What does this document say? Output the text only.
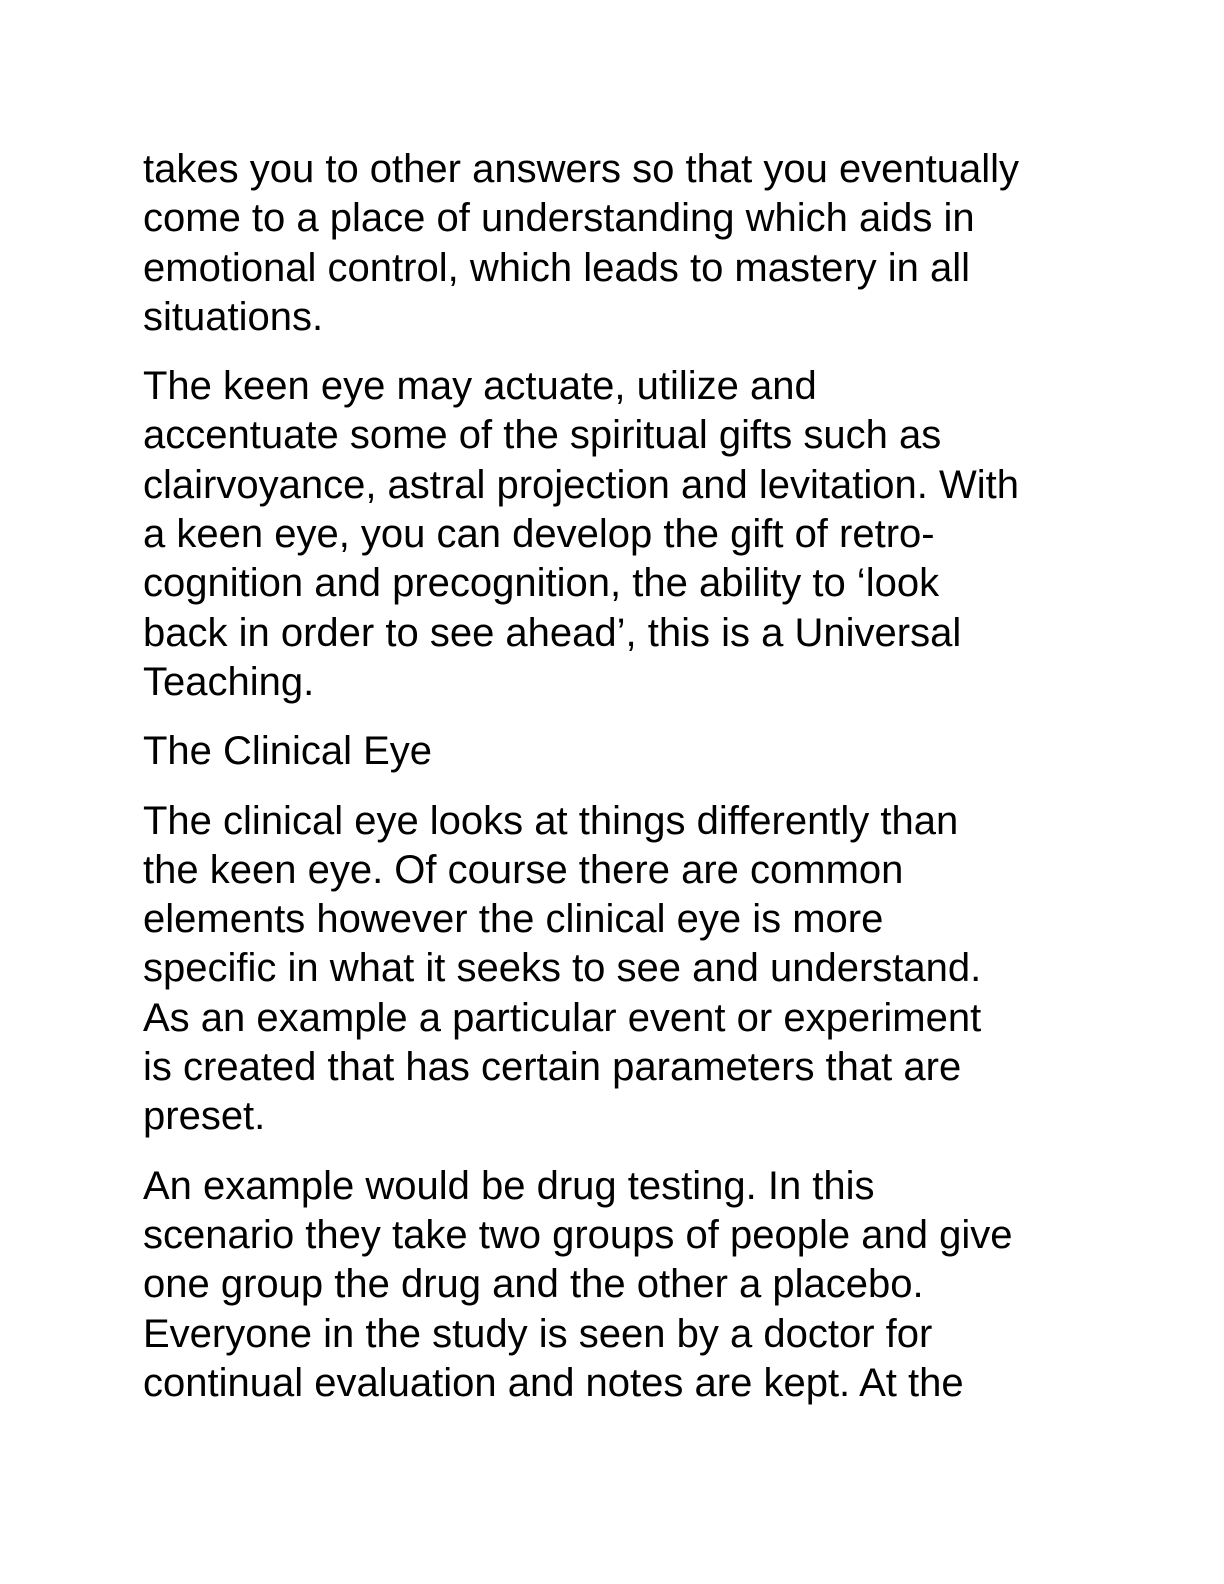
takes you to other answers so that you eventually
come to a place of understanding which aids in
emotional control, which leads to mastery in all
situations.

The keen eye may actuate, utilize and
accentuate some of the spiritual gifts such as
clairvoyance, astral projection and levitation. With
a keen eye, you can develop the gift of retro-
cognition and precognition, the ability to ‘look
back in order to see ahead’, this is a Universal
Teaching.

The Clinical Eye

The clinical eye looks at things differently than
the keen eye. Of course there are common
elements however the clinical eye is more
specific in what it seeks to see and understand.
As an example a particular event or experiment
is created that has certain parameters that are
preset.

An example would be drug testing. In this
scenario they take two groups of people and give
one group the drug and the other a placebo.
Everyone in the study is seen by a doctor for
continual evaluation and notes are kept. At the
